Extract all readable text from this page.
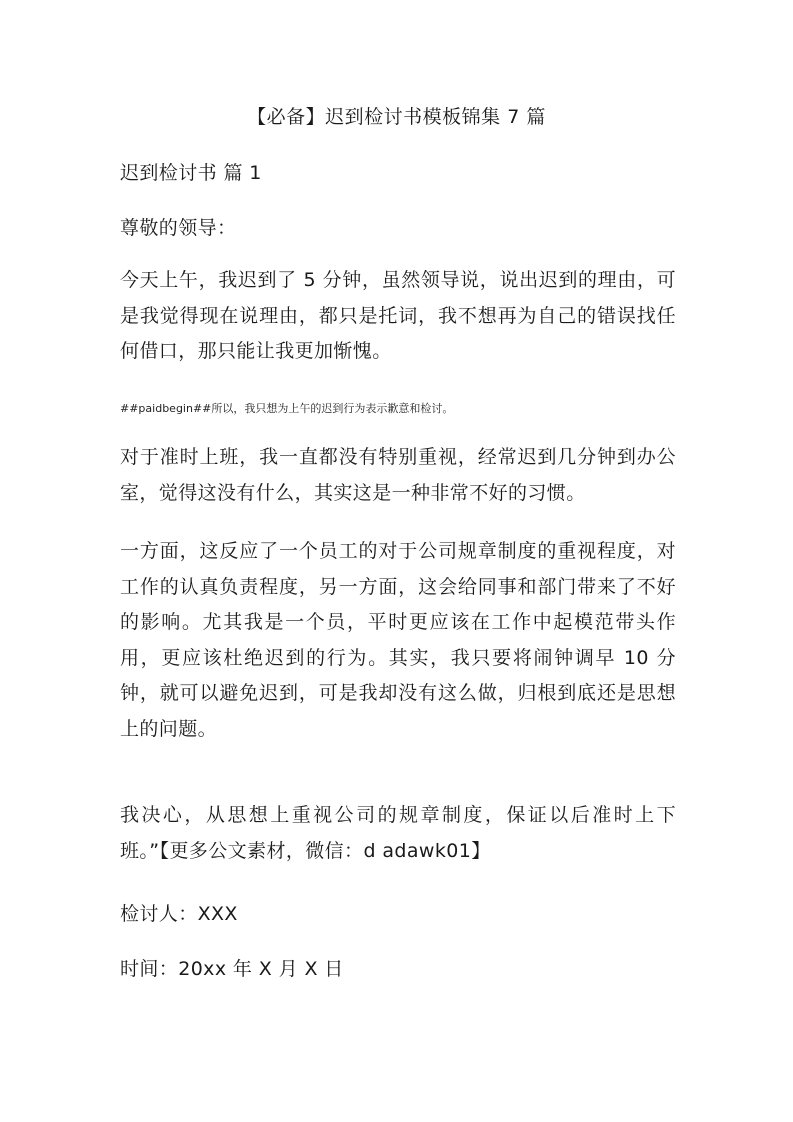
【必备】迟到检讨书模板锦集 7 篇
迟到检讨书 篇 1
尊敬的领导：
今天上午，我迟到了 5 分钟，虽然领导说，说出迟到的理由，可是我觉得现在说理由，都只是托词，我不想再为自己的错误找任何借口，那只能让我更加惭愧。
##paidbegin##所以，我只想为上午的迟到行为表示歉意和检讨。
对于准时上班，我一直都没有特别重视，经常迟到几分钟到办公室，觉得这没有什么，其实这是一种非常不好的习惯。
一方面，这反应了一个员工的对于公司规章制度的重视程度，对工作的认真负责程度，另一方面，这会给同事和部门带来了不好的影响。尤其我是一个员，平时更应该在工作中起模范带头作用，更应该杜绝迟到的行为。其实，我只要将闹钟调早 10 分钟，就可以避免迟到，可是我却没有这么做，归根到底还是思想上的问题。
我决心，从思想上重视公司的规章制度，保证以后准时上下班。”【更多公文素材，微信：d adawk01】
检讨人：XXX
时间：20xx 年 X 月 X 日
